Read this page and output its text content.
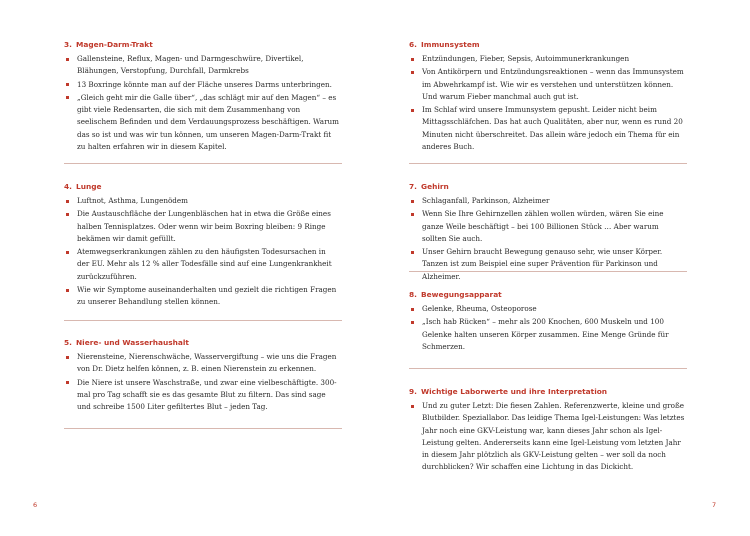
3. Magen-Darm-Trakt
Gallensteine, Reflux, Magen- und Darmgeschwüre, Divertikel, Blähungen, Verstopfung, Durchfall, Darmkrebs
13 Boxringe könnte man auf der Fläche unseres Darms unterbringen.
„Gleich geht mir die Galle über“, „das schlägt mir auf den Magen“ – es gibt viele Redensarten, die sich mit dem Zusammenhang von seelischem Befinden und dem Verdauungsprozess beschäftigen. Warum das so ist und was wir tun können, um unseren Magen-Darm-Trakt fit zu halten erfahren wir in diesem Kapitel.
4. Lunge
Luftnot, Asthma, Lungenödem
Die Austauschfläche der Lungenbläschen hat in etwa die Größe eines halben Tennisplatzes. Oder wenn wir beim Boxring bleiben: 9 Ringe bekämen wir damit gefüllt.
Atemwegserkrankungen zählen zu den häufigsten Todesursachen in der EU. Mehr als 12 % aller Todesfälle sind auf eine Lungenkrankheit zurückzuführen.
Wie wir Symptome auseinanderhalten und gezielt die richtigen Fragen zu unserer Behandlung stellen können.
5. Niere- und Wasserhaushalt
Nierensteine, Nierenschwäche, Wasservergiftung – wie uns die Fragen von Dr. Dietz helfen können, z. B. einen Nierenstein zu erkennen.
Die Niere ist unsere Waschstraße, und zwar eine vielbeschäftigte. 300-mal pro Tag schafft sie es das gesamte Blut zu filtern. Das sind sage und schreibe 1500 Liter gefiltertes Blut – jeden Tag.
6
6. Immunsystem
Entzündungen, Fieber, Sepsis, Autoimmunerkrankungen
Von Antikörpern und Entzündungsreaktionen – wenn das Immunsystem im Abwehrkampf ist. Wie wir es verstehen und unterstützen können. Und warum Fieber manchmal auch gut ist.
Im Schlaf wird unsere Immunsystem gepusht. Leider nicht beim Mittagsschläfchen. Das hat auch Qualitäten, aber nur, wenn es rund 20 Minuten nicht überschreitet. Das allein wäre jedoch ein Thema für ein anderes Buch.
7. Gehirn
Schlaganfall, Parkinson, Alzheimer
Wenn Sie Ihre Gehirnzellen zählen wollen würden, wären Sie eine ganze Weile beschäftigt – bei 100 Billionen Stück … Aber warum sollten Sie auch.
Unser Gehirn braucht Bewegung genauso sehr, wie unser Körper. Tanzen ist zum Beispiel eine super Prävention für Parkinson und Alzheimer.
8. Bewegungsapparat
Gelenke, Rheuma, Osteoporose
„Isch hab Rücken“ – mehr als 200 Knochen, 600 Muskeln und 100 Gelenke halten unseren Körper zusammen. Eine Menge Gründe für Schmerzen.
9. Wichtige Laborwerte und ihre Interpretation
Und zu guter Letzt: Die fiesen Zahlen. Referenzwerte, kleine und große Blutbilder. Speziallabor. Das leidige Thema Igel-Leistungen: Was letztes Jahr noch eine GKV-Leistung war, kann dieses Jahr schon als Igel-Leistung gelten. Andererseits kann eine Igel-Leistung vom letzten Jahr in diesem Jahr plötzlich als GKV-Leistung gelten – wer soll da noch durchblicken? Wir schaffen eine Lichtung in das Dickicht.
7
